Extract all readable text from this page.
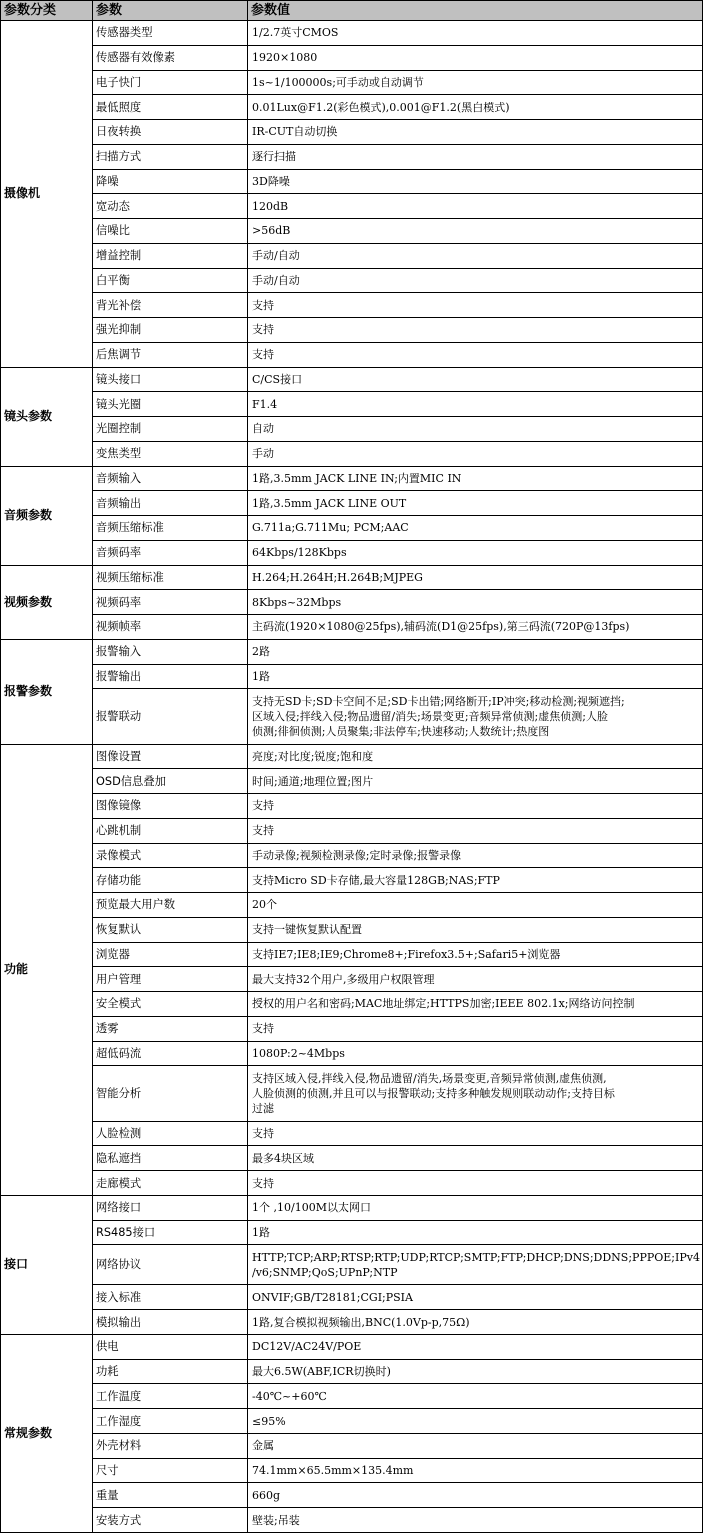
参数分类	参数	参数值
摄像机	传感器类型	1/2.7英寸CMOS
	传感器有效像素	1920×1080
	电子快门	1s~1/100000s;可手动或自动调节
	最低照度	0.01Lux@F1.2(彩色模式),0.001@F1.2(黑白模式)
	日夜转换	IR-CUT自动切换
	扫描方式	逐行扫描
	降噪	3D降噪
	宽动态	120dB
	信噪比	>56dB
	增益控制	手动/自动
	白平衡	手动/自动
	背光补偿	支持
	强光抑制	支持
	后焦调节	支持
镜头参数	镜头接口	C/CS接口
	镜头光圈	F1.4
	光圈控制	自动
	变焦类型	手动
音频参数	音频输入	1路,3.5mm JACK LINE IN;内置MIC IN
	音频输出	1路,3.5mm JACK LINE OUT
	音频压缩标准	G.711a;G.711Mu; PCM;AAC
	音频码率	64Kbps/128Kbps
视频参数	视频压缩标准	H.264;H.264H;H.264B;MJPEG
	视频码率	8Kbps~32Mbps
	视频帧率	主码流(1920×1080@25fps),辅码流(D1@25fps),第三码流(720P@13fps)
报警参数	报警输入	2路
	报警输出	1路
	报警联动	支持无SD卡;SD卡空间不足;SD卡出错;网络断开;IP冲突;移动检测;视频遮挡;
区域入侵;拌线入侵;物品遗留/消失;场景变更;音频异常侦测;虚焦侦测;人脸
侦测;徘徊侦测;人员聚集;非法停车;快速移动;人数统计;热度图
功能	图像设置	亮度;对比度;锐度;饱和度
	OSD信息叠加	时间;通道;地理位置;图片
	图像镜像	支持
	心跳机制	支持
	录像模式	手动录像;视频检测录像;定时录像;报警录像
	存储功能	支持Micro SD卡存储,最大容量128GB;NAS;FTP
	预览最大用户数	20个
	恢复默认	支持一键恢复默认配置
	浏览器	支持IE7;IE8;IE9;Chrome8+;Firefox3.5+;Safari5+浏览器
	用户管理	最大支持32个用户,多级用户权限管理
	安全模式	授权的用户名和密码;MAC地址绑定;HTTPS加密;IEEE 802.1x;网络访问控制
	透雾	支持
	超低码流	1080P:2~4Mbps
	智能分析	支持区域入侵,拌线入侵,物品遗留/消失,场景变更,音频异常侦测,虚焦侦测,
人脸侦测的侦测,并且可以与报警联动;支持多种触发规则联动动作;支持目标
过滤
	人脸检测	支持
	隐私遮挡	最多4块区域
	走廊模式	支持
接口	网络接口	1个 ,10/100M以太网口
	RS485接口	1路
	网络协议	HTTP;TCP;ARP;RTSP;RTP;UDP;RTCP;SMTP;FTP;DHCP;DNS;DDNS;PPPOE;IPv4
/v6;SNMP;QoS;UPnP;NTP
	接入标准	ONVIF;GB/T28181;CGI;PSIA
	模拟输出	1路,复合模拟视频输出,BNC(1.0Vp-p,75Ω)
常规参数	供电	DC12V/AC24V/POE
	功耗	最大6.5W(ABF,ICR切换时)
	工作温度	-40℃~+60℃
	工作湿度	≤95%
	外壳材料	金属
	尺寸	74.1mm×65.5mm×135.4mm
	重量	660g
	安装方式	壁装;吊装
